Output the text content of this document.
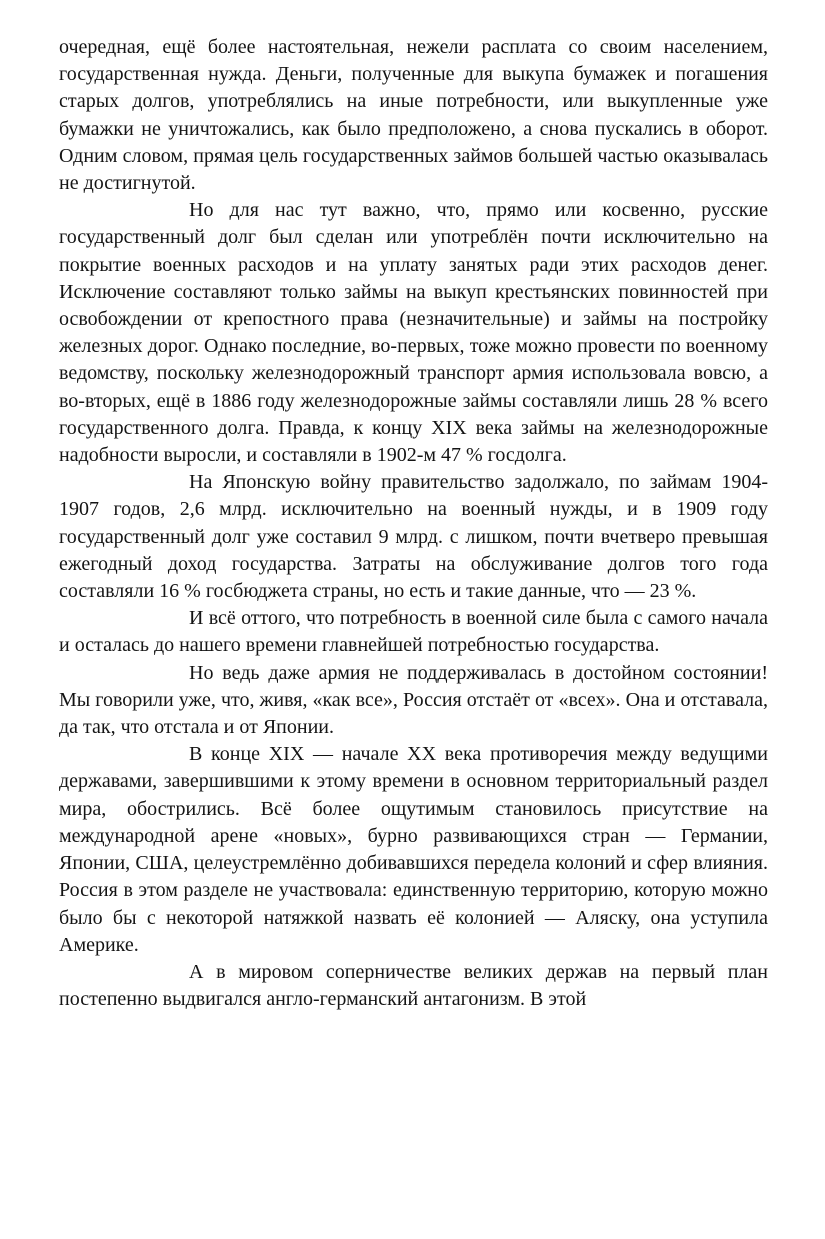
очередная, ещё более настоятельная, нежели расплата со своим населением, государственная нужда. Деньги, полученные для выкупа бумажек и погашения старых долгов, употреблялись на иные потребности, или выкупленные уже бумажки не уничтожались, как было предположено, а снова пускались в оборот. Одним словом, прямая цель государственных займов большей частью оказывалась не достигнутой.

Но для нас тут важно, что, прямо или косвенно, русские государственный долг был сделан или употреблён почти исключительно на покрытие военных расходов и на уплату занятых ради этих расходов денег. Исключение составляют только займы на выкуп крестьянских повинностей при освобождении от крепостного права (незначительные) и займы на постройку железных дорог. Однако последние, во-первых, тоже можно провести по военному ведомству, поскольку железнодорожный транспорт армия использовала вовсю, а во-вторых, ещё в 1886 году железнодорожные займы составляли лишь 28 % всего государственного долга. Правда, к концу XIX века займы на железнодорожные надобности выросли, и составляли в 1902-м 47 % госдолга.

На Японскую войну правительство задолжало, по займам 1904-1907 годов, 2,6 млрд. исключительно на военный нужды, и в 1909 году государственный долг уже составил 9 млрд. с лишком, почти вчетверо превышая ежегодный доход государства. Затраты на обслуживание долгов того года составляли 16 % госбюджета страны, но есть и такие данные, что — 23 %.

И всё оттого, что потребность в военной силе была с самого начала и осталась до нашего времени главнейшей потребностью государства.

Но ведь даже армия не поддерживалась в достойном состоянии! Мы говорили уже, что, живя, «как все», Россия отстаёт от «всех». Она и отставала, да так, что отстала и от Японии.

В конце XIX — начале XX века противоречия между ведущими державами, завершившими к этому времени в основном территориальный раздел мира, обострились. Всё более ощутимым становилось присутствие на международной арене «новых», бурно развивающихся стран — Германии, Японии, США, целеустремлённо добивавшихся передела колоний и сфер влияния. Россия в этом разделе не участвовала: единственную территорию, которую можно было бы с некоторой натяжкой назвать её колонией — Аляску, она уступила Америке.

А в мировом соперничестве великих держав на первый план постепенно выдвигался англо-германский антагонизм. В этой
